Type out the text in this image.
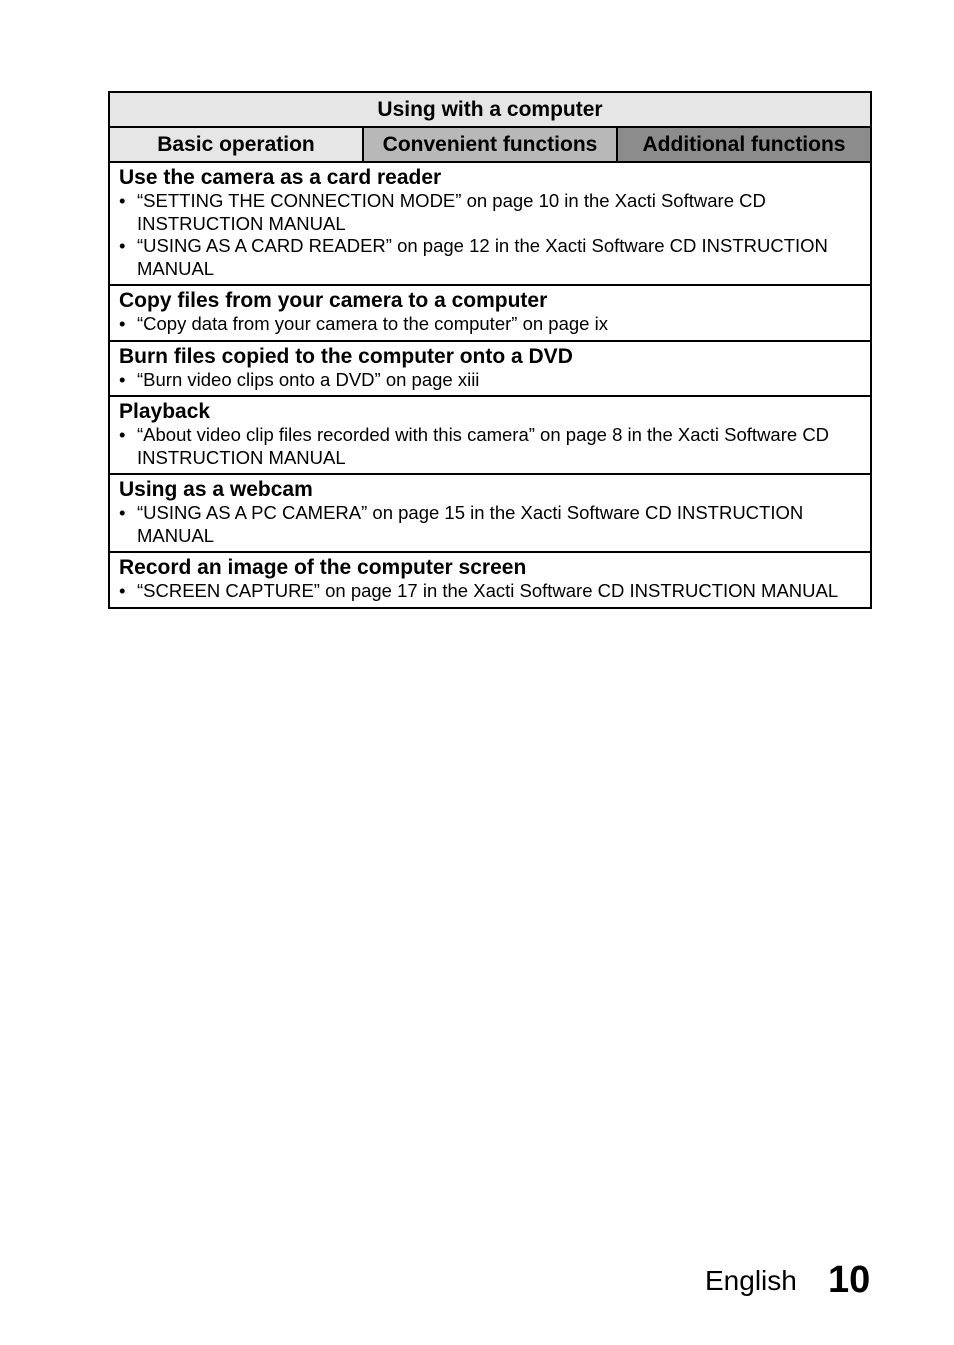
Using with a computer
Basic operation	Convenient functions	Additional functions
Use the camera as a card reader
• “SETTING THE CONNECTION MODE” on page 10 in the Xacti Software CD INSTRUCTION MANUAL
• “USING AS A CARD READER” on page 12 in the Xacti Software CD INSTRUCTION MANUAL
Copy files from your camera to a computer
• “Copy data from your camera to the computer” on page ix
Burn files copied to the computer onto a DVD
• “Burn video clips onto a DVD” on page xiii
Playback
• “About video clip files recorded with this camera” on page 8 in the Xacti Software CD INSTRUCTION MANUAL
Using as a webcam
• “USING AS A PC CAMERA” on page 15 in the Xacti Software CD INSTRUCTION MANUAL
Record an image of the computer screen
• “SCREEN CAPTURE” on page 17 in the Xacti Software CD INSTRUCTION MANUAL
English 10
